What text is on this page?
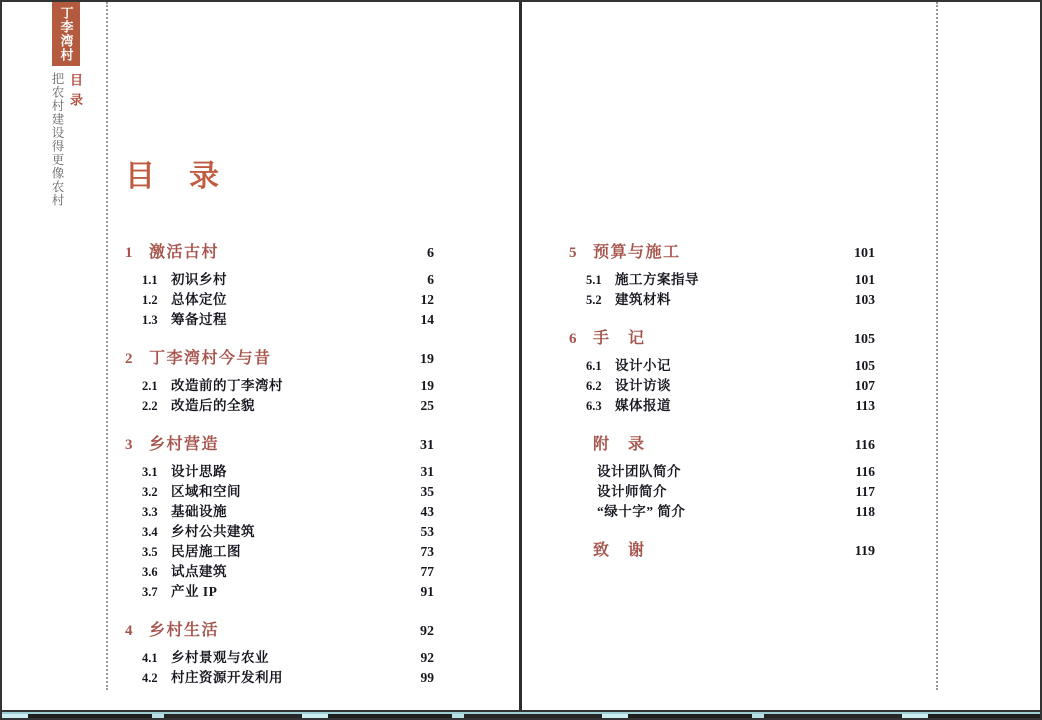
丁李湾村
目录
把农村建设得更像农村 目　录
1	激活古村	6
1.1 初识乡村	6
1.2 总体定位	12
1.3 筹备过程	14
2	丁李湾村今与昔	19
2.1 改造前的丁李湾村	19
2.2 改造后的全貌	25
3	乡村营造	31
3.1 设计思路	31
3.2 区域和空间	35
3.3 基础设施	43
3.4 乡村公共建筑	53
3.5 民居施工图	73
3.6 试点建筑	77
3.7 产业 IP	91
4	乡村生活	92
4.1 乡村景观与农业	92
4.2 村庄资源开发利用	99
5	预算与施工	101
5.1 施工方案指导	101
5.2 建筑材料	103
6	手　记	105
6.1 设计小记	105
6.2 设计访谈	107
6.3 媒体报道	113
附　录	116
设计团队简介	116
设计师简介	117
“绿十字” 简介	118
致　谢	119
